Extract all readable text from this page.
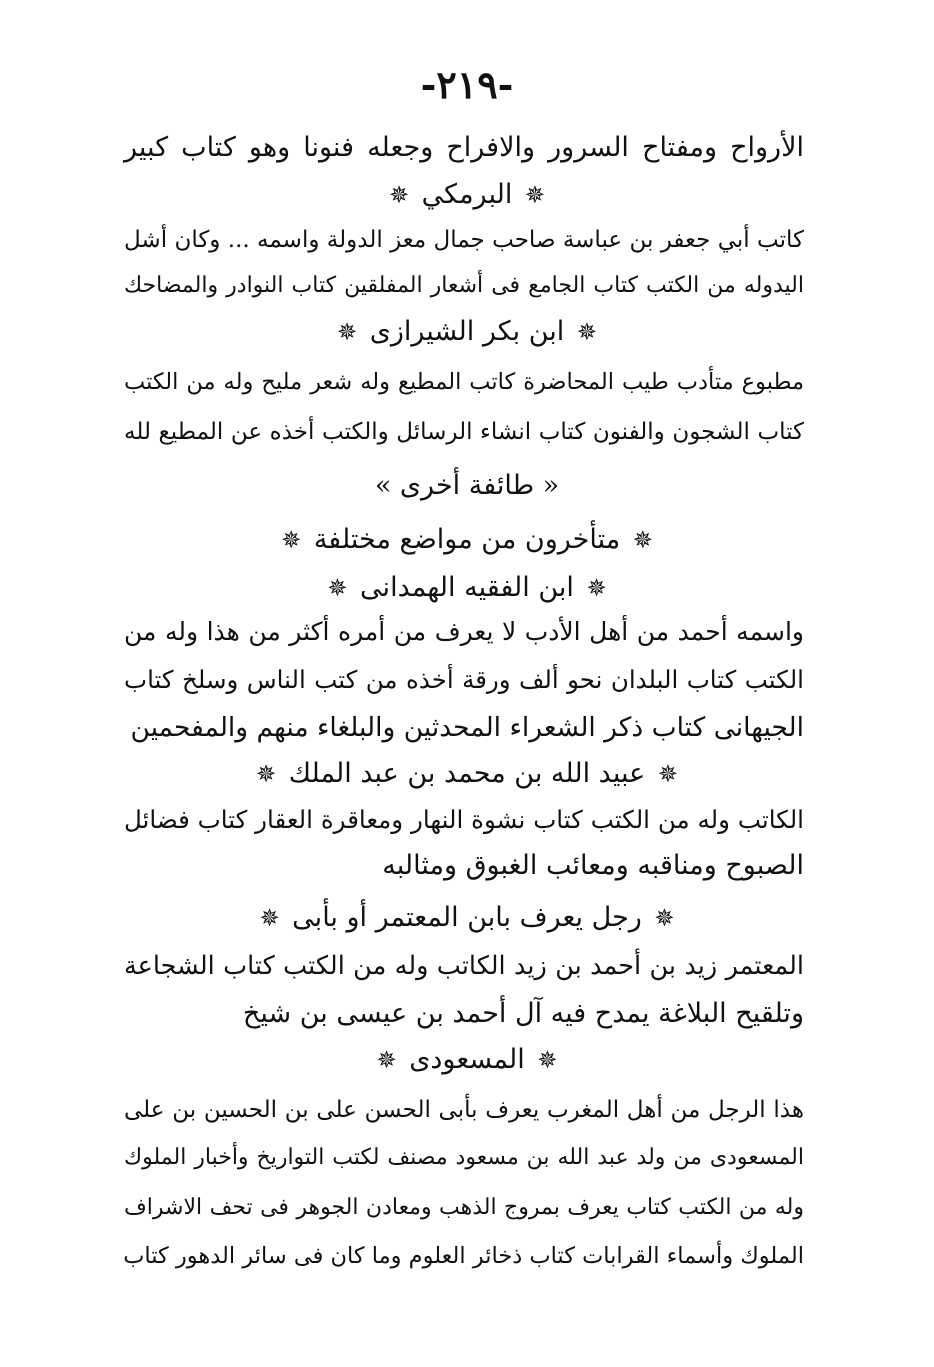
-٢١٩-
الأرواح ومفتاح السرور والافراح وجعله فنونا وهو كتاب كبير
✵ البرمكي ✵
كاتب أبي جعفر بن عباسة صاحب جمال معز الدولة واسمه ... وكان أشل
اليدوله من الكتب كتاب الجامع فى أشعار المفلقين كتاب النوادر والمضاحك
✵ ابن بكر الشيرازى ✵
مطبوع متأدب طيب المحاضرة كاتب المطيع وله شعر مليح وله من الكتب
كتاب الشجون والفنون كتاب انشاء الرسائل والكتب أخذه عن المطيع لله
« طائفة أخرى »
✵ متأخرون من مواضع مختلفة ✵
✵ ابن الفقيه الهمدانى ✵
واسمه أحمد من أهل الأدب لا يعرف من أمره أكثر من هذا وله من
الكتب كتاب البلدان نحو ألف ورقة أخذه من كتب الناس وسلخ كتاب
الجيهانى كتاب ذكر الشعراء المحدثين والبلغاء منهم والمفحمين
✵ عبيد الله بن محمد بن عبد الملك ✵
الكاتب وله من الكتب كتاب نشوة النهار ومعاقرة العقار كتاب فضائل
الصبوح ومناقبه ومعائب الغبوق ومثالبه
✵ رجل يعرف بابن المعتمر أو بأبى ✵
المعتمر زيد بن أحمد بن زيد الكاتب وله من الكتب كتاب الشجاعة
وتلقيح البلاغة يمدح فيه آل أحمد بن عيسى بن شيخ
✵ المسعودى ✵
هذا الرجل من أهل المغرب يعرف بأبى الحسن على بن الحسين بن على
المسعودى من ولد عبد الله بن مسعود مصنف لكتب التواريخ وأخبار الملوك
وله من الكتب كتاب يعرف بمروج الذهب ومعادن الجوهر فى تحف الاشراف
الملوك وأسماء القرابات كتاب ذخائر العلوم وما كان فى سائر الدهور كتاب
